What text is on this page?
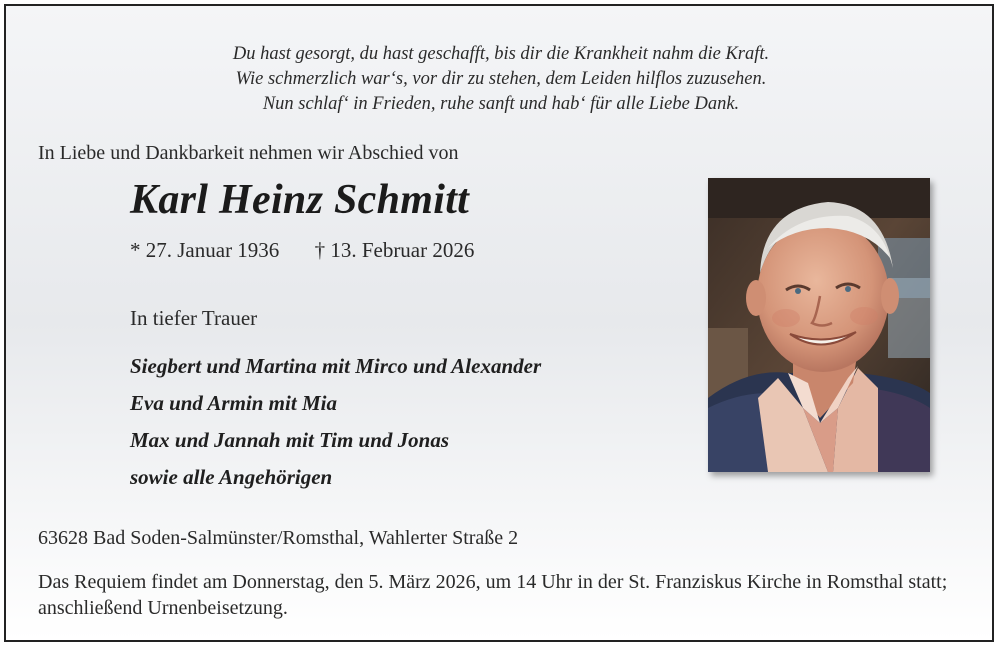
Du hast gesorgt, du hast geschafft, bis dir die Krankheit nahm die Kraft.
Wie schmerzlich war‘s, vor dir zu stehen, dem Leiden hilflos zuzusehen.
Nun schlaf‘ in Frieden, ruhe sanft und hab‘ für alle Liebe Dank.
In Liebe und Dankbarkeit nehmen wir Abschied von
Karl Heinz Schmitt
* 27. Januar 1936 † 13. Februar 2026
In tiefer Trauer
Siegbert und Martina mit Mirco und Alexander
Eva und Armin mit Mia
Max und Jannah mit Tim und Jonas
sowie alle Angehörigen
63628 Bad Soden-Salmünster/Romsthal, Wahlerter Straße 2
Das Requiem findet am Donnerstag, den 5. März 2026, um 14 Uhr in der St. Franziskus Kirche in Romsthal statt; anschließend Urnenbeisetzung.
